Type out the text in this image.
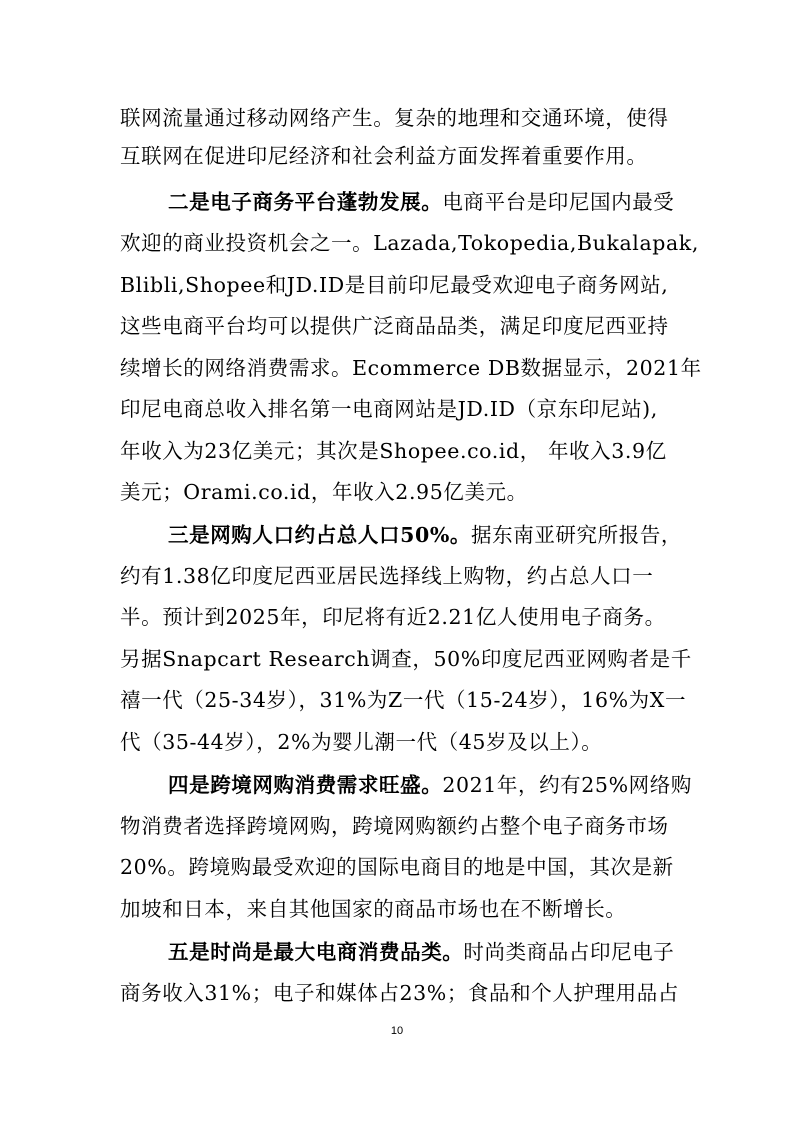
联网流量通过移动网络产生。复杂的地理和交通环境，使得
互联网在促进印尼经济和社会利益方面发挥着重要作用。
二是电子商务平台蓬勃发展。电商平台是印尼国内最受
欢迎的商业投资机会之一。Lazada,Tokopedia,Bukalapak,
Blibli,Shopee和JD.ID是目前印尼最受欢迎电子商务网站,
这些电商平台均可以提供广泛商品品类，满足印度尼西亚持
续增长的网络消费需求。Ecommerce DB数据显示，2021年
印尼电商总收入排名第一电商网站是JD.ID（京东印尼站),
年收入为23亿美元；其次是Shopee.co.id， 年收入3.9亿
美元；Orami.co.id，年收入2.95亿美元。
三是网购人口约占总人口50%。据东南亚研究所报告，
约有1.38亿印度尼西亚居民选择线上购物，约占总人口一
半。预计到2025年，印尼将有近2.21亿人使用电子商务。
另据Snapcart Research调查，50%印度尼西亚网购者是千
禧一代（25-34岁），31%为Z一代（15-24岁），16%为X一
代（35-44岁），2%为婴儿潮一代（45岁及以上）。
四是跨境网购消费需求旺盛。2021年，约有25%网络购
物消费者选择跨境网购，跨境网购额约占整个电子商务市场
20%。跨境购最受欢迎的国际电商目的地是中国，其次是新
加坡和日本，来自其他国家的商品市场也在不断增长。
五是时尚是最大电商消费品类。时尚类商品占印尼电子
商务收入31%；电子和媒体占23%；食品和个人护理用品占
10
